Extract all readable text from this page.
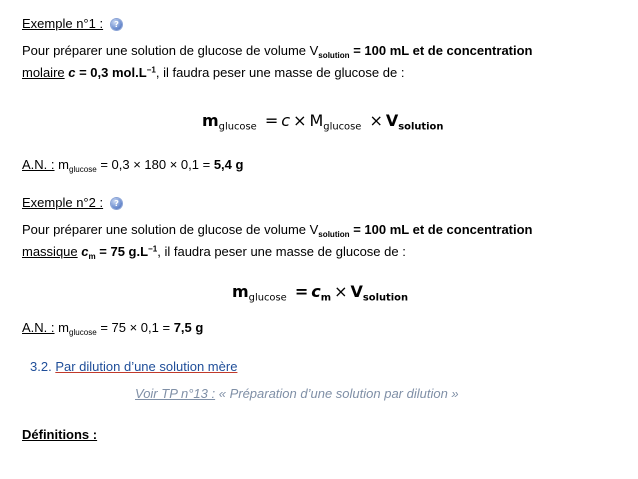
Exemple n°1 : ?
Pour préparer une solution de glucose de volume $V_{solution} = 100$ mL et de concentration
molaire c = 0,3 $mol.L^{-1}$, il faudra peser une masse de glucose de :
$m_{glucose} = c \times M_{glucose} \times V_{solution}$
A.N. : $m_{glucose} = 0,3 \times 180 \times 0,1 = 5,4$ g
Exemple n°2 : ?
Pour préparer une solution de glucose de volume $V_{solution} = 100$ mL et de concentration
massique $c_m = 75$ $g.L^{-1}$, il faudra peser une masse de glucose de :
$m_{glucose} = c_m \times V_{solution}$
A.N. : $m_{glucose} = 75 \times 0,1 = 7,5$ g
3.2. Par dilution d’une solution mère
Voir TP n°13 : « Préparation d’une solution par dilution »
Définitions :
